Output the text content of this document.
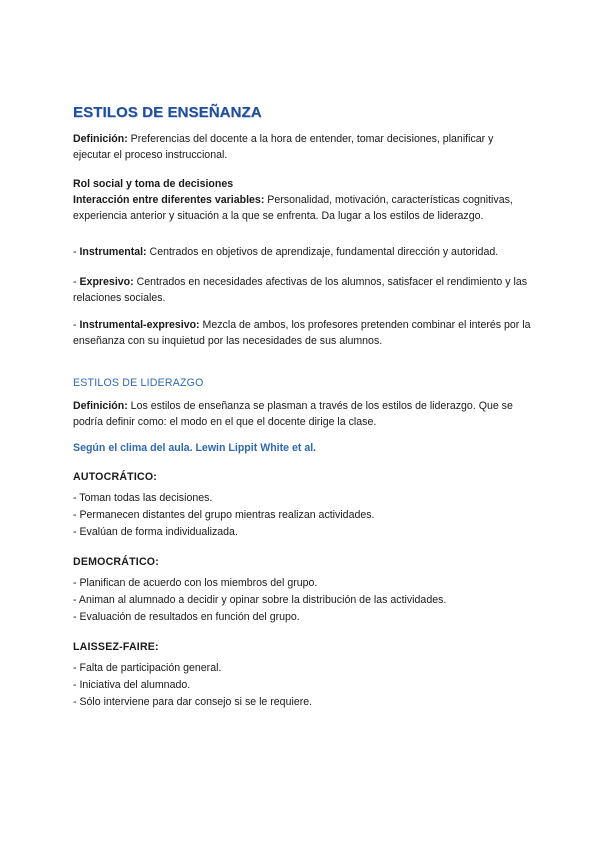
ESTILOS DE ENSEÑANZA

Definición: Preferencias del docente a la hora de entender, tomar decisiones, planificar y ejecutar el proceso instruccional.

Rol social y toma de decisiones

Interacción entre diferentes variables: Personalidad, motivación, características cognitivas, experiencia anterior y situación a la que se enfrenta. Da lugar a los estilos de liderazgo.

- Instrumental: Centrados en objetivos de aprendizaje, fundamental dirección y autoridad.

- Expresivo: Centrados en necesidades afectivas de los alumnos, satisfacer el rendimiento y las relaciones sociales.

- Instrumental-expresivo: Mezcla de ambos, los profesores pretenden combinar el interés por la enseñanza con su inquietud por las necesidades de sus alumnos.

ESTILOS DE LIDERAZGO

Definición: Los estilos de enseñanza se plasman a través de los estilos de liderazgo. Que se podría definir como: el modo en el que el docente dirige la clase.

Según el clima del aula. Lewin Lippit White et al.

AUTOCRÁTICO:

- Toman todas las decisiones.
- Permanecen distantes del grupo mientras realizan actividades.
- Evalúan de forma individualizada.

DEMOCRÁTICO:

- Planifican de acuerdo con los miembros del grupo.
- Animan al alumnado a decidir y opinar sobre la distribución de las actividades.
- Evaluación de resultados en función del grupo.

LAISSEZ-FAIRE:

- Falta de participación general.
- Iniciativa del alumnado.
- Sólo interviene para dar consejo si se le requiere.
